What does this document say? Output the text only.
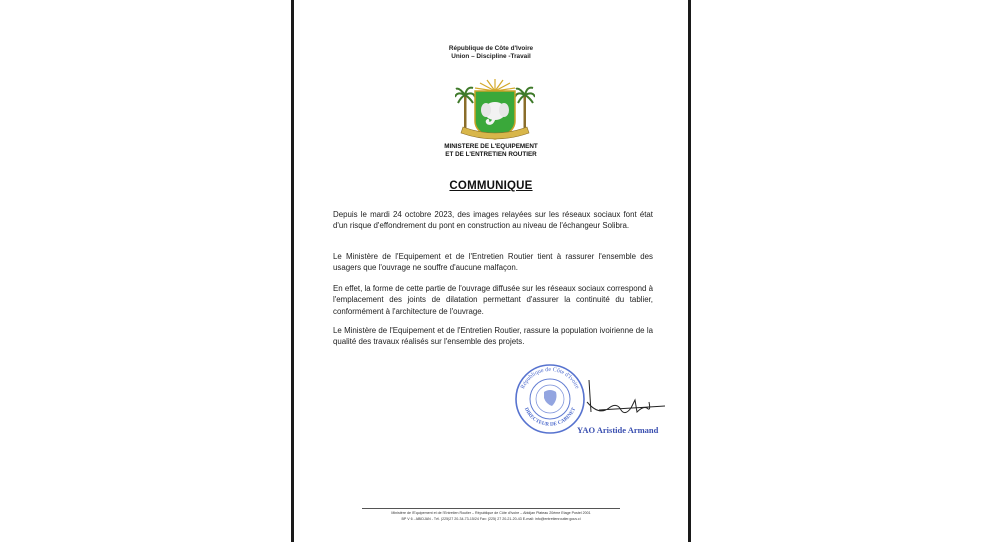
République de Côte d'Ivoire
Union – Discipline -Travail
MINISTERE DE L'EQUIPEMENT
ET DE L'ENTRETIEN ROUTIER
COMMUNIQUE

Depuis le mardi 24 octobre 2023, des images relayées sur les réseaux sociaux font état d'un risque d'effondrement du pont en construction au niveau de l'échangeur Solibra.

Le Ministère de l'Equipement et de l'Entretien Routier tient à rassurer l'ensemble des usagers que l'ouvrage ne souffre d'aucune malfaçon.

En effet, la forme de cette partie de l'ouvrage diffusée sur les réseaux sociaux correspond à l'emplacement des joints de dilatation permettant d'assurer la continuité du tablier, conformément à l'architecture de l'ouvrage.

Le Ministère de l'Equipement et de l'Entretien Routier, rassure la population ivoirienne de la qualité des travaux réalisés sur l'ensemble des projets.

République de Côte d'Ivoire
DIRECTEUR DE CABINET
YAO Aristide Armand
Ministère de l'Equipement et de l'Entretien Routier – République de Côte d'Ivoire – Abidjan Plateau 20ème Etage Postel 2001
BP V 6 - ABIDJAN - Tél. (225)27 20-34-73-15/24 Fax: (225) 27 20-21-20-43 E-mail: info@entretienroutier.gouv.ci
